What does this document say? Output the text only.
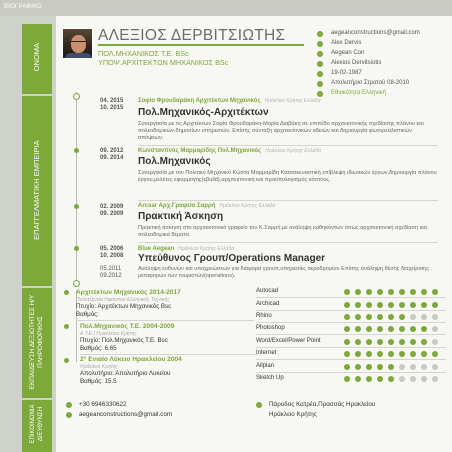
ΒΙΟΓΡΑΦΙΚΟ
ΟΝΟΜΑ
ΕΠΑΓΓΕΛΜΑΤΙΚΗ ΕΜΠΕΙΡΙΑ
ΕΚΠΑΙΔΕΥΣΗ ΔΕΞΙΟΤΗΤΕΣ Η/Υ ΠΛΗΡΟΦΟΡΙΚΗΣ
ΕΠΙΚΟΙΝΩΝΙΑ ΔΙΕΥΘΥΝΣΗ
ΑΛΕΞΙΟΣ ΔΕΡΒΙΤΣΙΩΤΗΣ
ΠΟΛ.ΜΗΧΑΝΙΚΟΣ Τ.Ε. BSc
ΥΠΟΨ.ΑΡΧΙΤΕΚΤΩΝ ΜΗΧΑΝΙΚΟΣ BSc
aegeanconstructions@gmail.com
Alex Dervis
Aegean Con
Alexios Dervitsiotis
19-02-1987
Απολυτήριο Στρατού 08-2010
Εθνικότητα:Ελληνική
04. 2015
10. 2015
Σοφία Φρουδαράκη Αρχιτέκτων Μηχανικός Ηράκλειο Κρήτης Ελλάδα
Πολ.Μηχανικός-Αρχιτέκτων
Συνεργασία με τις Αρχιτέκτων Σοφία Φρουδαράκη-Μαρία Διαβάκη σε επιπέδο αρχιτεκτονικής σχεδίασης πλάνου και πολεοδομικών-δημοσίων υπηρεσιών. Επίσης σύνταξη αρχιτεκτονικών αδειών και δημιουργία φωτορεαλιστικών απόψεων.
09. 2012
09. 2014
Κωνσταντίνος Μαρμαρίδης Πολ.Μηχανικός Ηράκλειο Κρήτης Ελλάδα
Πολ.Μηχανικός
Συνεργασία με τον Πολιτικό Μηχανικό Κώστα Μαρμαρίδη Κατασκευαστική επίβλεψη ιδιωτικών έργων,δημιουργία πλάνου έργου,μελέτες εφαρμογής(εβuild),αρχιτεκτονική και προϋπολογισμός κόστους.
02. 2009
09. 2009
Arcsar Αρχ.Γραφείο Σαρρή Ηράκλειο Κρήτης Ελλάδα
Πρακτική Άσκηση
Πρακτική άσκηση στο αρχιτεκτονικό γραφείο του Κ.Σαρρή με ανάληψη καθηκόντων όπως αρχιτεκτονική σχεδίαση και πολεοδομικά θέματα.
05. 2006
10. 2008
Blue Aegean Ηράκλειο Κρήτης Ελλάδα
Υπεύθυνος Γρουπ/Operations Manager
05.2011
09.2012
Ανάληψη ευθυνών και υποχρεώσεων για διάφορα γρουπ,υπηρεσίες αεροδρομίου Επίσης ανάληψη θέσης διαχείρισης μεταφορών των τουριστών(operations).
Αρχιτέκτων Μηχανικός 2014-2017
Πολυτεχνείο Ηφαιστού-Ελληνικής Τεχνικής
Πτυχίο: Αρχιτέκτων Μηχανικός Bsc
Βαθμός:
Πολ.Μηχανικός Τ.Ε. 2004-2009
Α.Τ.Ε.Ι Ηρακλείου Κρήτης
Πτυχίο: Πολ.Μηχανικός Τ.Ε. Bsc
Βαθμός: 6.65
2° Ενιαίο Λύκειο Ηρακλείου 2004
Ηράκλειο Κρήτης
Απολυτήριο: Απολυτήριο Λυκείου
Βαθμός: 15.5
Autocad
Archicad
Rhino
Photoshop
Word/Excel/Power Point
Internet
Allplan
Sketch Up
+30 6946330622
aegeanconstructions@gmail.com
Πάροδος Κατρέα,Πρασσάς Ηρακλείου
Ηράκλειο Κρήτης
